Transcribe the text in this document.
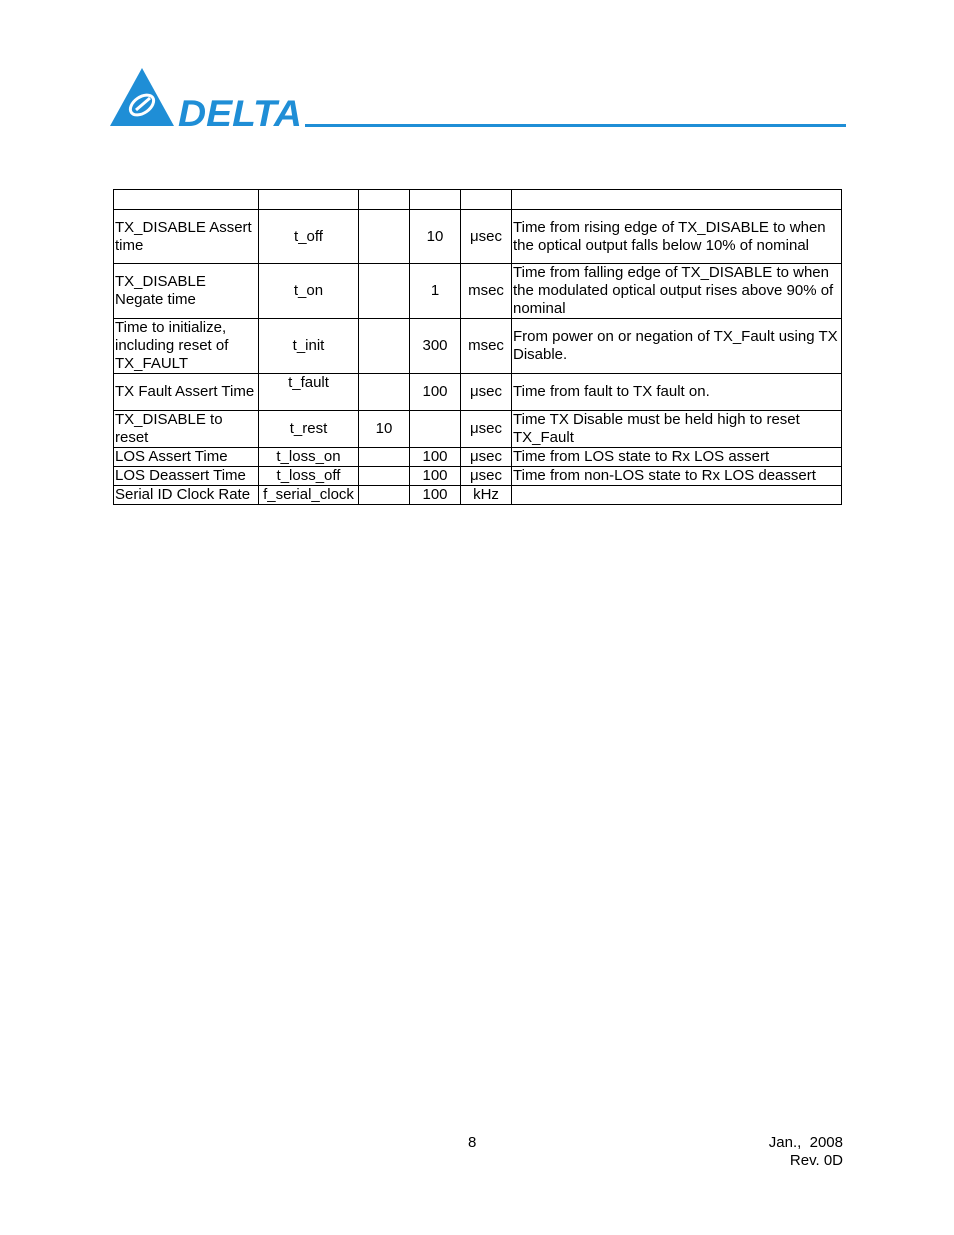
DELTA

TX_DISABLE Assert time	t_off		10	μsec	Time from rising edge of TX_DISABLE to when the optical output falls below 10% of nominal
TX_DISABLE Negate time	t_on		1	msec	Time from falling edge of TX_DISABLE to when the modulated optical output rises above 90% of nominal
Time to initialize, including reset of TX_FAULT	t_init		300	msec	From power on or negation of TX_Fault using TX Disable.
TX Fault Assert Time	t_fault		100	μsec	Time from fault to TX fault on.
TX_DISABLE to reset	t_rest	10		μsec	Time TX Disable must be held high to reset TX_Fault
LOS Assert Time	t_loss_on		100	μsec	Time from LOS state to Rx LOS assert
LOS Deassert Time	t_loss_off		100	μsec	Time from non-LOS state to Rx LOS deassert
Serial ID Clock Rate	f_serial_clock		100	kHz	
8	Jan.,  2008
Rev. 0D
